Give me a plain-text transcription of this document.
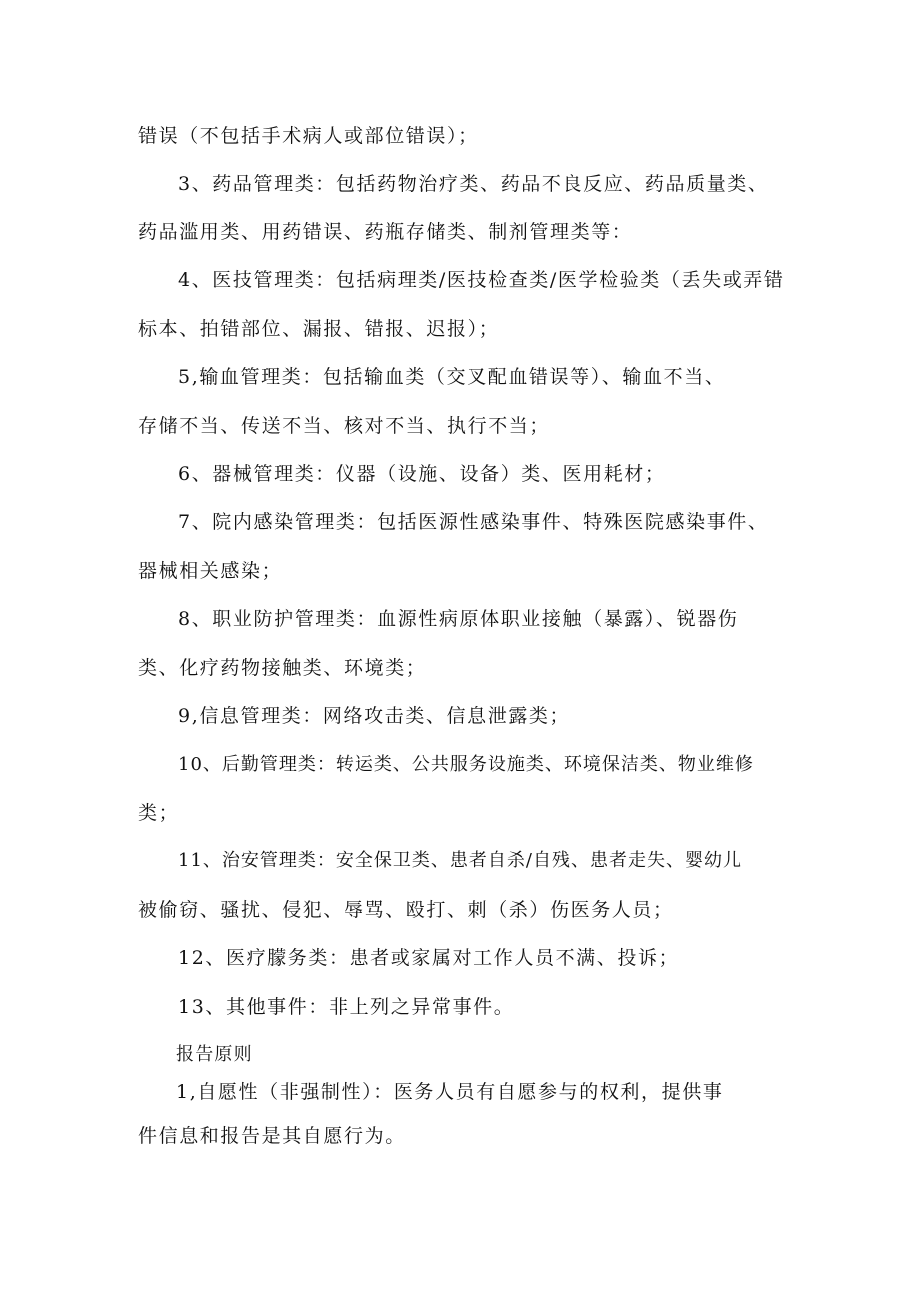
错误（不包括手术病人或部位错误）；
3、药品管理类：包括药物治疗类、药品不良反应、药品质量类、
药品滥用类、用药错误、药瓶存储类、制剂管理类等：
4、医技管理类：包括病理类/医技检查类/医学检验类（丢失或弄错
标本、拍错部位、漏报、错报、迟报）；
5,输血管理类：包括输血类（交叉配血错误等）、输血不当、
存储不当、传送不当、核对不当、执行不当；
6、器械管理类：仪器（设施、设备）类、医用耗材；
7、院内感染管理类：包括医源性感染事件、特殊医院感染事件、
器械相关感染；
8、职业防护管理类：血源性病原体职业接触（暴露）、锐器伤
类、化疗药物接触类、环境类；
9,信息管理类：网络攻击类、信息泄露类；
10、后勤管理类：转运类、公共服务设施类、环境保洁类、物业维修
类；
11、治安管理类：安全保卫类、患者自杀/自残、患者走失、婴幼儿
被偷窃、骚扰、侵犯、辱骂、殴打、刺（杀）伤医务人员；
12、医疗朦务类：患者或家属对工作人员不满、投诉；
13、其他事件：非上列之异常事件。
报告原则
1,自愿性（非强制性）：医务人员有自愿参与的权利，提供事
件信息和报告是其自愿行为。
